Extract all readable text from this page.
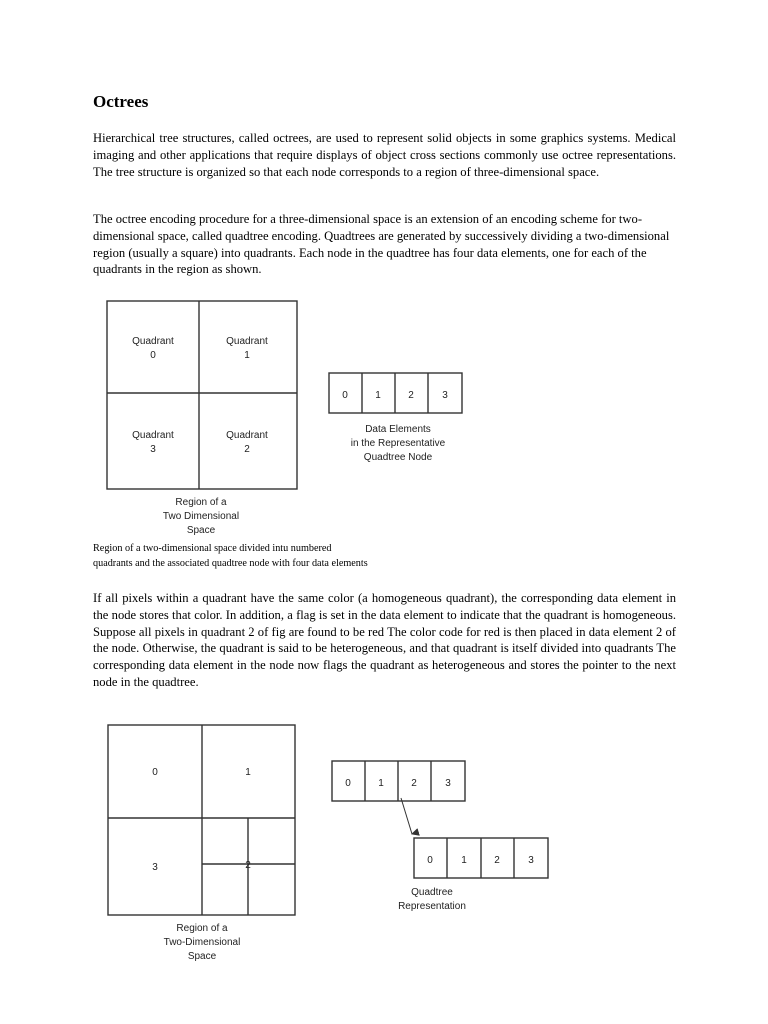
Octrees

Hierarchical tree structures, called octrees, are used to represent solid objects in some graphics systems. Medical imaging and other applications that require displays of object cross sections commonly use octree representations. The tree structure is organized so that each node corresponds to a region of three-dimensional space.

The octree encoding procedure for a three-dimensional space is an extension of an encoding scheme for two-dimensional space, called quadtree encoding. Quadtrees are generated by successively dividing a two-dimensional region (usually a square) into quadrants. Each node in the quadtree has four data elements, one for each of the quadrants in the region as shown.

Quadrant
0
Quadrant
1
Quadrant
3
Quadrant
2
0	1	2	3
Data Elements
in the Representative
Quadtree Node
Region of a
Two Dimensional
Space

Region of a two-dimensional space divided intu numbered
quadrants and the associated quadtree node with four data elements

If all pixels within a quadrant have the same color (a homogeneous quadrant), the corresponding data element in the node stores that color. In addition, a flag is set in the data element to indicate that the quadrant is homogeneous. Suppose all pixels in quadrant 2 of fig are found to be red The color code for red is then placed in data element 2 of the node. Otherwise, the quadrant is said to be heterogeneous, and that quadrant is itself divided into quadrants The corresponding data element in the node now flags the quadrant as heterogeneous and stores the pointer to the next node in the quadtree.

0	1
3	2
0	1	2	3
0	1	2	3
Quadtree
Representation
Region of a
Two-Dimensional
Space
